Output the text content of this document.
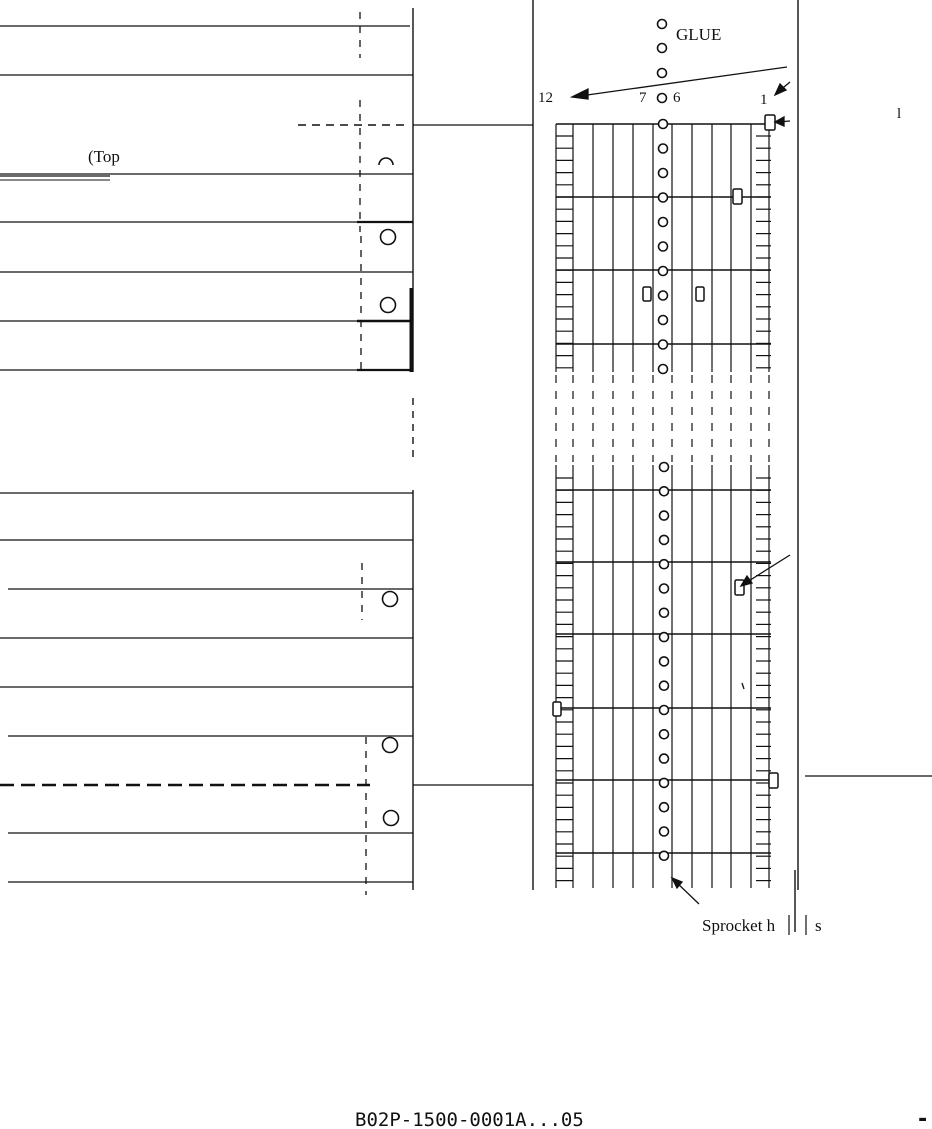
(Top
GLUE
12	7 6	1
l
Sprocket h s
B02P-1500-0001A...05	-
